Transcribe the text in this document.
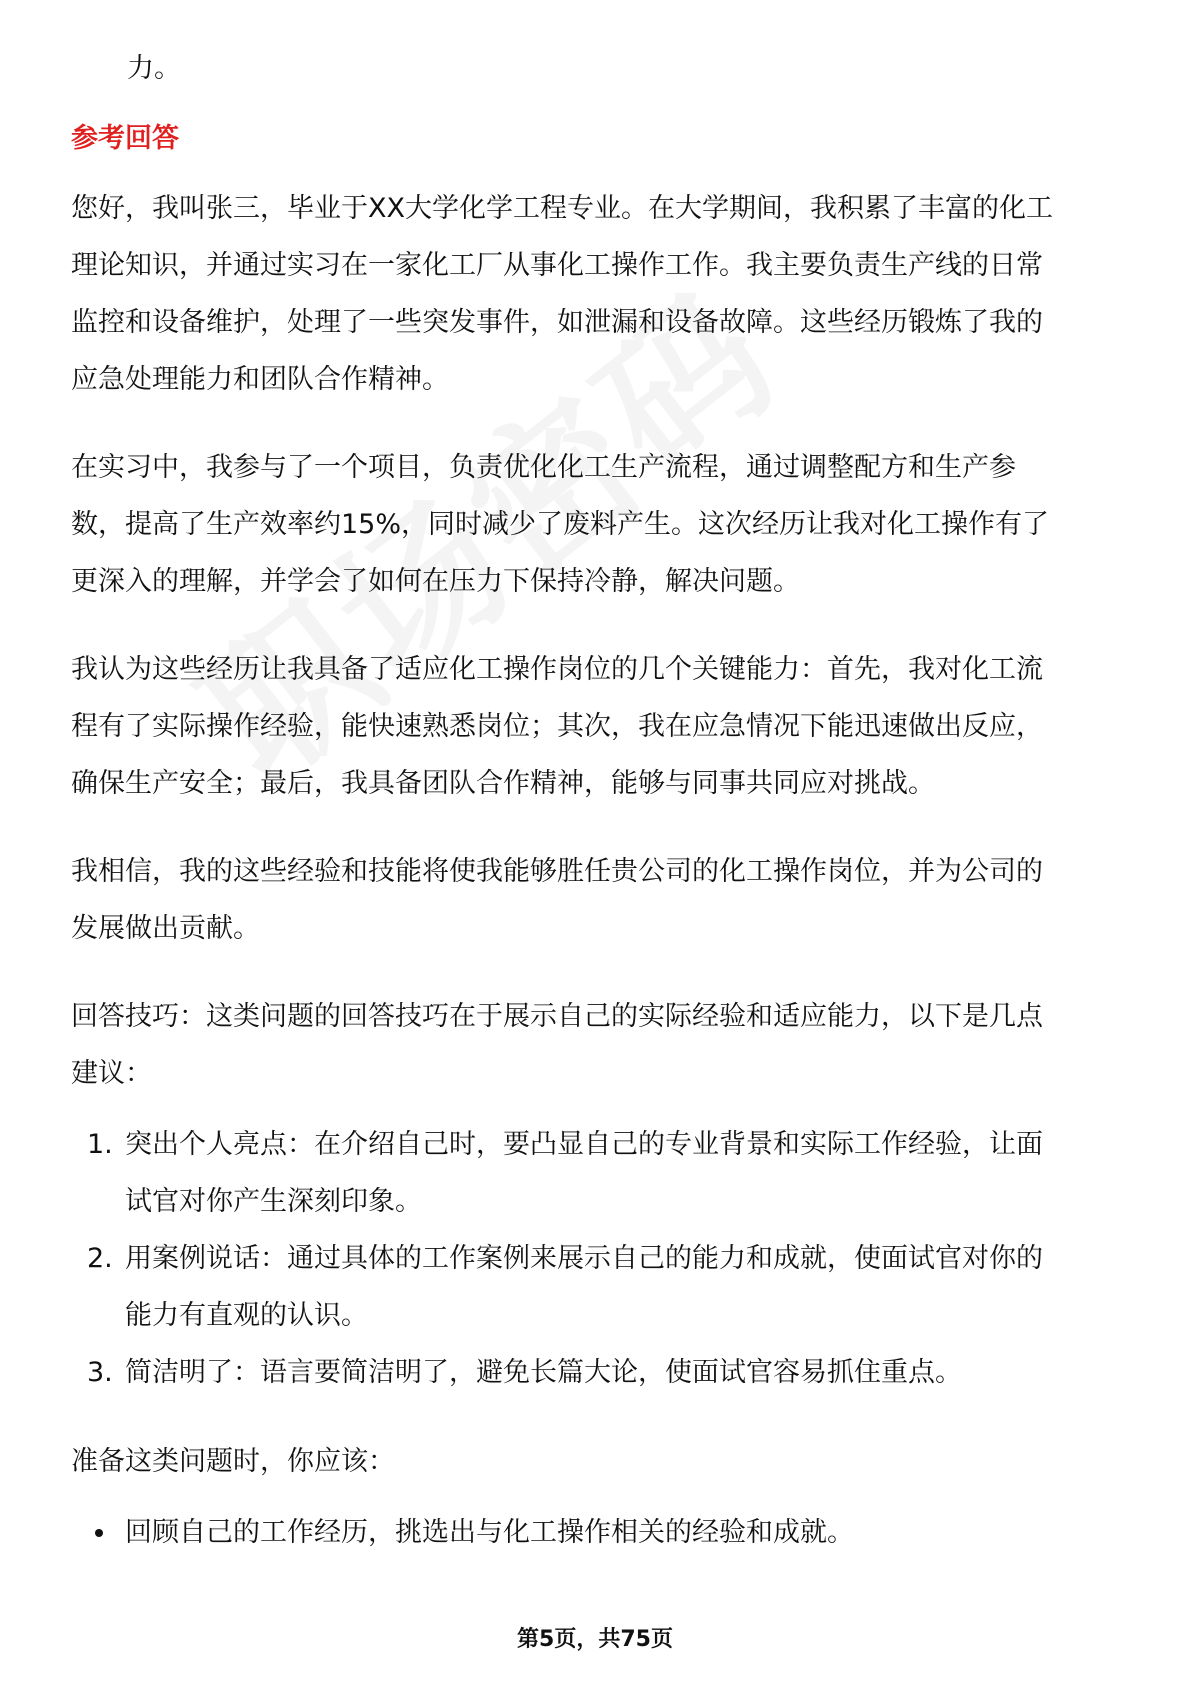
力。

参考回答
您好，我叫张三，毕业于XX大学化学工程专业。在大学期间，我积累了丰富的化工
理论知识，并通过实习在一家化工厂从事化工操作工作。我主要负责生产线的日常
监控和设备维护，处理了一些突发事件，如泄漏和设备故障。这些经历锻炼了我的
应急处理能力和团队合作精神。
在实习中，我参与了一个项目，负责优化化工生产流程，通过调整配方和生产参
数，提高了生产效率约15%，同时减少了废料产生。这次经历让我对化工操作有了
更深入的理解，并学会了如何在压力下保持冷静，解决问题。
我认为这些经历让我具备了适应化工操作岗位的几个关键能力：首先，我对化工流
程有了实际操作经验，能快速熟悉岗位；其次，我在应急情况下能迅速做出反应，
确保生产安全；最后，我具备团队合作精神，能够与同事共同应对挑战。
我相信，我的这些经验和技能将使我能够胜任贵公司的化工操作岗位，并为公司的
发展做出贡献。
回答技巧：这类问题的回答技巧在于展示自己的实际经验和适应能力，以下是几点
建议：
1. 突出个人亮点：在介绍自己时，要凸显自己的专业背景和实际工作经验，让面
试官对你产生深刻印象。
2. 用案例说话：通过具体的工作案例来展示自己的能力和成就，使面试官对你的
能力有直观的认识。
3. 简洁明了：语言要简洁明了，避免长篇大论，使面试官容易抓住重点。
准备这类问题时，你应该：
回顾自己的工作经历，挑选出与化工操作相关的经验和成就。
第5页，共75页
